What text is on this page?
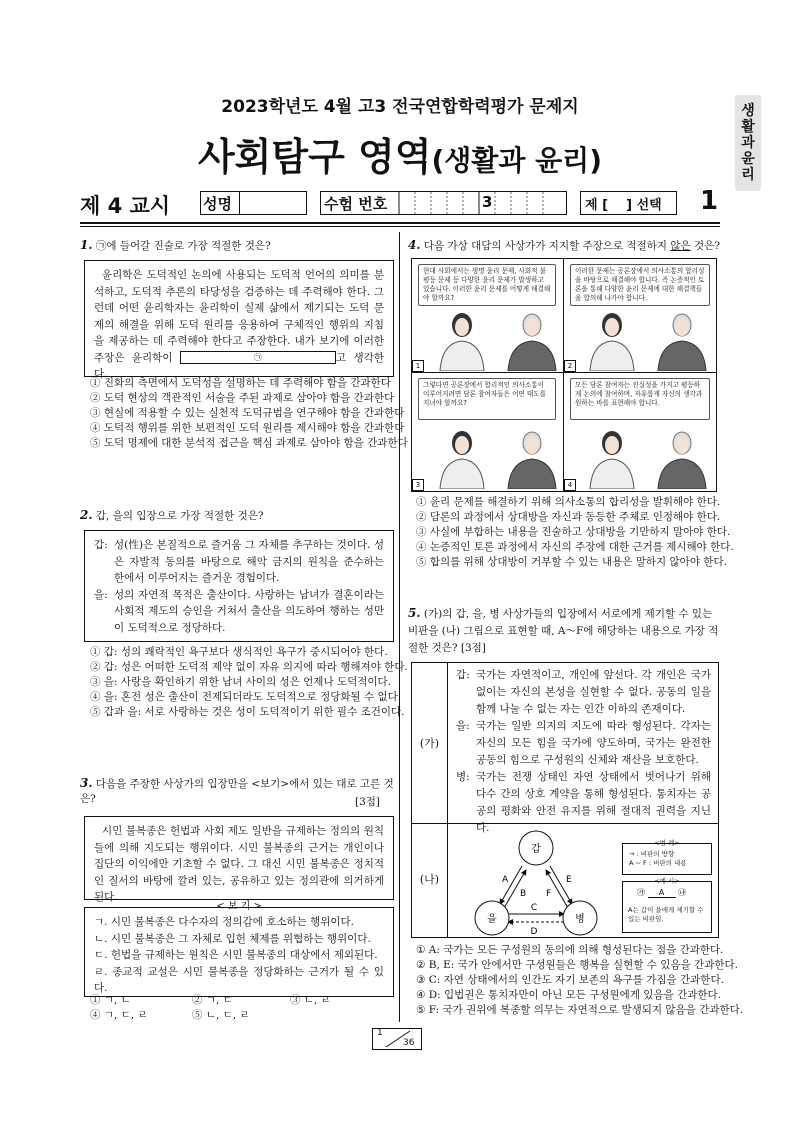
생
활
과
윤
리
2023학년도 4월 고3 전국연합학력평가 문제지
사회탐구 영역(생활과 윤리)
제 4 교시 성명	수험 번호	3	제 [    ] 선택 1
1. ㉠에 들어갈 진술로 가장 적절한 것은?
윤리학은 도덕적인 논의에 사용되는 도덕적 언어의 의미를 분석하고, 도덕적 추론의 타당성을 검증하는 데 주력해야 한다. 그런데 어떤 윤리학자는 윤리학이 실제 삶에서 제기되는 도덕 문제의 해결을 위해 도덕 원리를 응용하여 구체적인 행위의 지침을 제공하는 데 주력해야 한다고 주장한다. 내가 보기에 이러한 주장은 윤리학이	㉠	고 생각한다.
① 진화의 측면에서 도덕성을 설명하는 데 주력해야 함을 간과한다
② 도덕 현상의 객관적인 서술을 주된 과제로 삼아야 함을 간과한다
③ 현실에 적용할 수 있는 실천적 도덕규범을 연구해야 함을 간과한다
④ 도덕적 행위를 위한 보편적인 도덕 원리를 제시해야 함을 간과한다
⑤ 도덕 명제에 대한 분석적 접근을 핵심 과제로 삼아야 함을 간과한다
2. 갑, 을의 입장으로 가장 적절한 것은?
갑: 성(性)은 본질적으로 즐거움 그 자체를 추구하는 것이다. 성은 자발적 동의를 바탕으로 해악 금지의 원칙을 준수하는 한에서 이루어지는 즐거운 경험이다.
을: 성의 자연적 목적은 출산이다. 사랑하는 남녀가 결혼이라는 사회적 제도의 승인을 거쳐서 출산을 의도하여 행하는 성만이 도덕적으로 정당하다.
① 갑: 성의 쾌락적인 욕구보다 생식적인 욕구가 중시되어야 한다.
② 갑: 성은 어떠한 도덕적 제약 없이 자유 의지에 따라 행해져야 한다.
③ 을: 사랑을 확인하기 위한 남녀 사이의 성은 언제나 도덕적이다.
④ 을: 혼전 성은 출산이 전제되더라도 도덕적으로 정당화될 수 없다.
⑤ 갑과 을: 서로 사랑하는 것은 성이 도덕적이기 위한 필수 조건이다.
3. 다음을 주장한 사상가의 입장만을 <보기>에서 있는 대로 고른 것은?	[3점]
시민 불복종은 헌법과 사회 제도 일반을 규제하는 정의의 원칙들에 의해 지도되는 행위이다. 시민 불복종의 근거는 개인이나 집단의 이익에만 기초할 수 없다. 그 대신 시민 불복종은 정치적인 질서의 바탕에 깔려 있는, 공유하고 있는 정의관에 의거하게 된다.
< 보 기 >
ㄱ. 시민 불복종은 다수자의 정의감에 호소하는 행위이다.
ㄴ. 시민 불복종은 그 자체로 입헌 체제를 위협하는 행위이다.
ㄷ. 헌법을 규제하는 원칙은 시민 불복종의 대상에서 제외된다.
ㄹ. 종교적 교설은 시민 불복종을 정당화하는 근거가 될 수 있다.
① ㄱ, ㄴ	② ㄱ, ㄷ	③ ㄴ, ㄹ
④ ㄱ, ㄷ, ㄹ	⑤ ㄴ, ㄷ, ㄹ
4. 다음 가상 대담의 사상가가 지지할 주장으로 적절하지 않은 것은?
현대 사회에서는 생명 윤리 문제, 사회적 불평등 문제 등 다양한 윤리 문제가 발생하고 있습니다. 이러한 윤리 문제를 어떻게 해결해야 할까요?
이러한 문제는 공론장에서 의사소통의 합리성을 바탕으로 해결해야 합니다. 즉 논증적인 토론을 통해 다양한 윤리 문제에 대한 해결책들을 합의해 나가야 합니다.
그렇다면 공론장에서 합리적인 의사소통이 이루어지려면 담론 참여자들은 어떤 태도를 지녀야 할까요?
모든 담론 참여자는 진실성을 가지고 평등하게 논의에 참여하며, 자유롭게 자신의 생각과 원하는 바를 표현해야 합니다.
1	2
3	4
① 윤리 문제를 해결하기 위해 의사소통의 합리성을 발휘해야 한다.
② 담론의 과정에서 상대방을 자신과 동등한 주체로 인정해야 한다.
③ 사실에 부합하는 내용을 진술하고 상대방을 기만하지 말아야 한다.
④ 논증적인 토론 과정에서 자신의 주장에 대한 근거를 제시해야 한다.
⑤ 합의를 위해 상대방이 거부할 수 있는 내용은 말하지 않아야 한다.
5. (가)의 갑, 을, 병 사상가들의 입장에서 서로에게 제기할 수 있는 비판을 (나) 그림으로 표현할 때, A～F에 해당하는 내용으로 가장 적절한 것은? [3점]
(가)
(나)
갑: 국가는 자연적이고, 개인에 앞선다. 각 개인은 국가 없이는 자신의 본성을 실현할 수 없다. 공동의 일을 함께 나눌 수 없는 자는 인간 이하의 존재이다.
을: 국가는 일반 의지의 지도에 따라 형성된다. 각자는 자신의 모든 힘을 국가에 양도하며, 국가는 완전한 공동의 힘으로 구성원의 신체와 재산을 보호한다.
병: 국가는 전쟁 상태인 자연 상태에서 벗어나기 위해 다수 간의 상호 계약을 통해 형성된다. 통치자는 공공의 평화와 안전 유지를 위해 절대적 권력을 지닌다.
갑
을	병
A
B
C
D
E
F
<범 례>
→ : 비판의 방향
A ~ F : 비판의 내용
<예 시>
㉮ A ㉯
A는 갑이 을에게 제기할 수 있는 비판임.
① A: 국가는 모든 구성원의 동의에 의해 형성된다는 점을 간과한다.
② B, E: 국가 안에서만 구성원들은 행복을 실현할 수 있음을 간과한다.
③ C: 자연 상태에서의 인간도 자기 보존의 욕구를 가짐을 간과한다.
④ D: 입법권은 통치자만이 아닌 모든 구성원에게 있음을 간과한다.
⑤ F: 국가 권위에 복종할 의무는 자연적으로 발생되지 않음을 간과한다.
1
36
